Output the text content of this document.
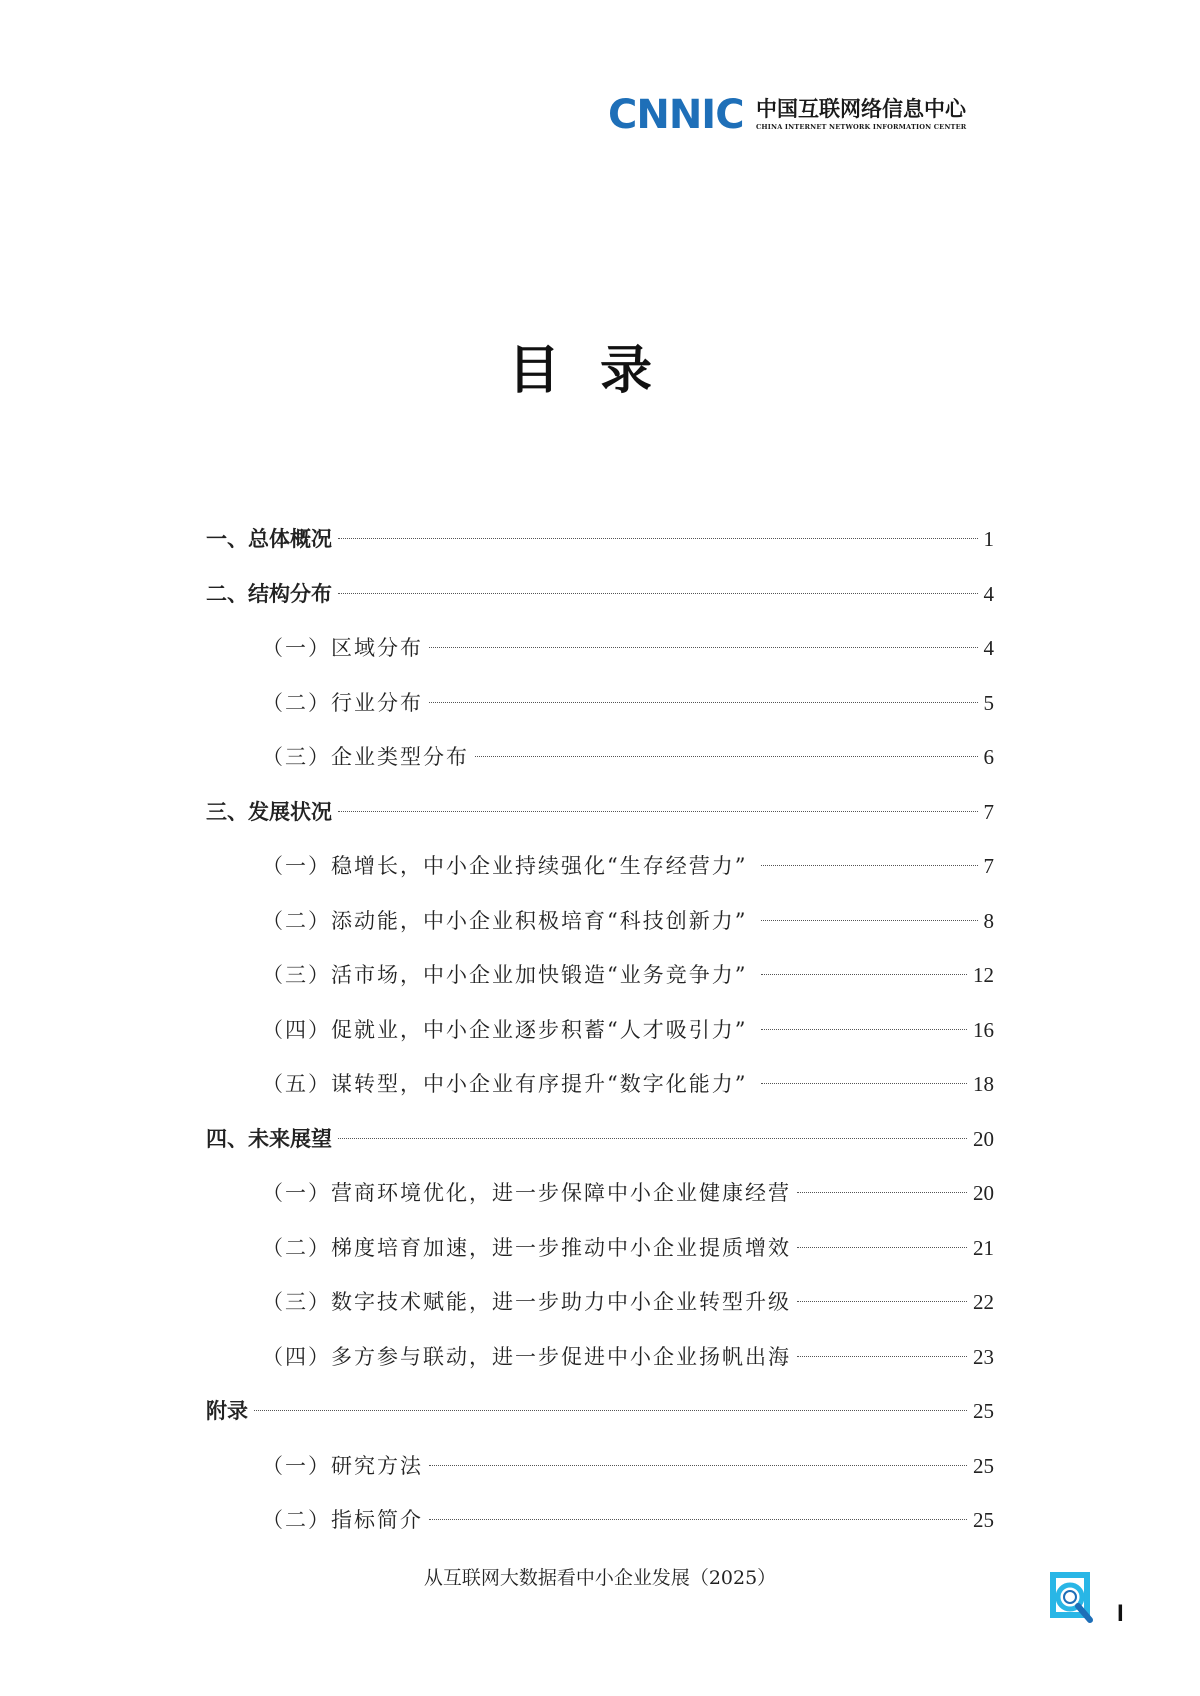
CNNIC 中国互联网络信息中心
CHINA INTERNET NETWORK INFORMATION CENTER
目录
一、总体概况	1
二、结构分布	4
（一）区域分布	4
（二）行业分布	5
（三）企业类型分布	6
三、发展状况	7
（一）稳增长，中小企业持续强化“生存经营力”	7
（二）添动能，中小企业积极培育“科技创新力”	8
（三）活市场，中小企业加快锻造“业务竞争力”	12
（四）促就业，中小企业逐步积蓄“人才吸引力”	16
（五）谋转型，中小企业有序提升“数字化能力”	18
四、未来展望	20
（一）营商环境优化，进一步保障中小企业健康经营	20
（二）梯度培育加速，进一步推动中小企业提质增效	21
（三）数字技术赋能，进一步助力中小企业转型升级	22
（四）多方参与联动，进一步促进中小企业扬帆出海	23
附录	25
（一）研究方法	25
（二）指标简介	25
从互联网大数据看中小企业发展（2025）
I
